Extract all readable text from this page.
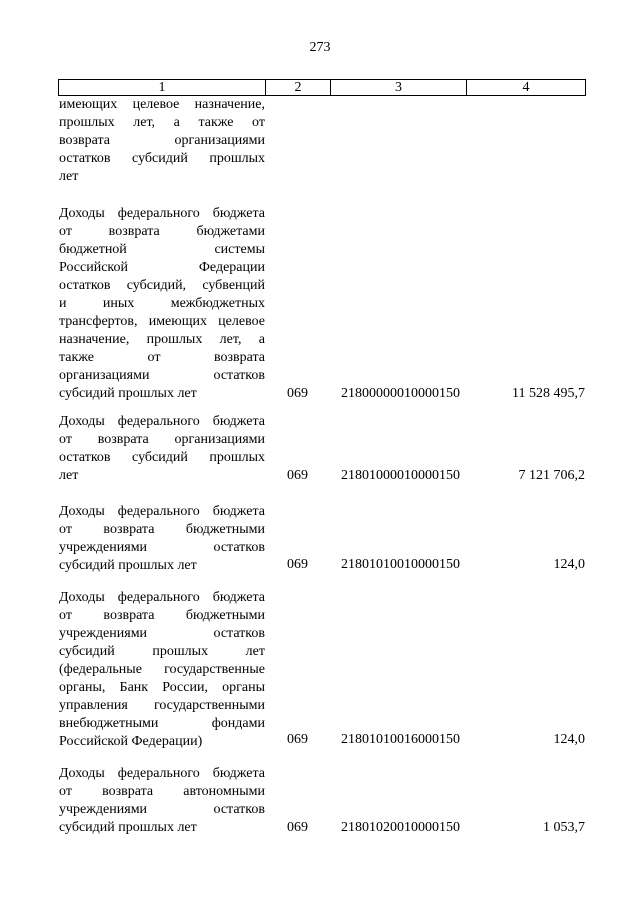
273
1	2	3	4
имеющих целевое назначение,
прошлых лет, а также от
возврата организациями
остатков субсидий прошлых
лет
Доходы федерального бюджета
от возврата бюджетами
бюджетной системы
Российской Федерации
остатков субсидий, субвенций
и иных межбюджетных
трансфертов, имеющих целевое
назначение, прошлых лет, а
также от возврата
организациями остатков
субсидий прошлых лет	069	21800000010000150	11 528 495,7
Доходы федерального бюджета
от возврата организациями
остатков субсидий прошлых
лет	069	21801000010000150	7 121 706,2
Доходы федерального бюджета
от возврата бюджетными
учреждениями остатков
субсидий прошлых лет	069	21801010010000150	124,0
Доходы федерального бюджета
от возврата бюджетными
учреждениями остатков
субсидий прошлых лет
(федеральные государственные
органы, Банк России, органы
управления государственными
внебюджетными фондами
Российской Федерации)	069	21801010016000150	124,0
Доходы федерального бюджета
от возврата автономными
учреждениями остатков
субсидий прошлых лет	069	21801020010000150	1 053,7
